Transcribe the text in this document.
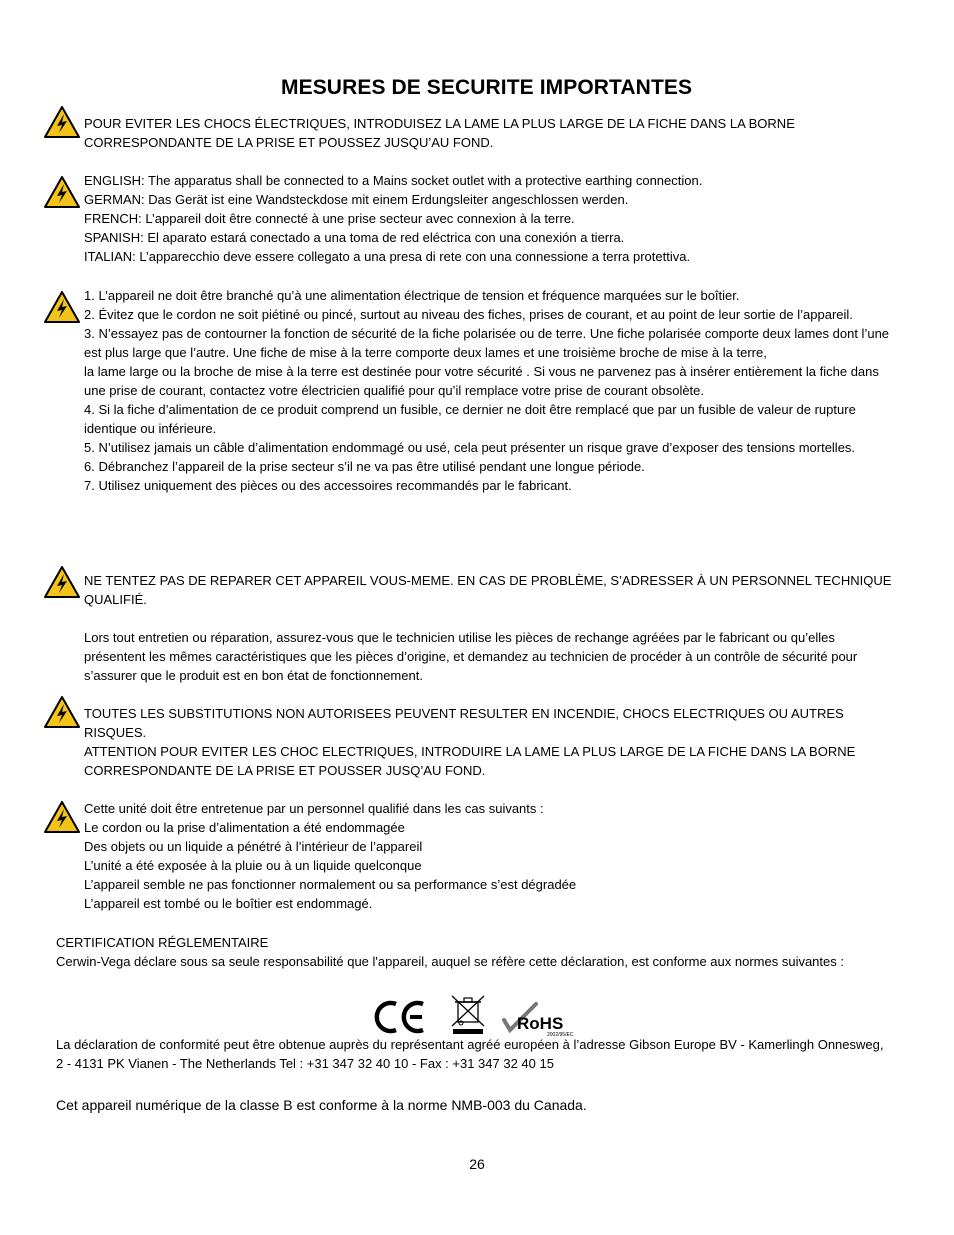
MESURES DE SECURITE IMPORTANTES

POUR EVITER LES CHOCS ÉLECTRIQUES, INTRODUISEZ LA LAME LA PLUS LARGE DE LA FICHE DANS LA BORNE CORRESPONDANTE DE LA PRISE ET POUSSEZ JUSQU’AU FOND.

ENGLISH: The apparatus shall be connected to a Mains socket outlet with a protective earthing connection.

GERMAN: Das Gerät ist eine Wandsteckdose mit einem Erdungsleiter angeschlossen werden.

FRENCH: L’appareil doit être connecté à une prise secteur avec connexion à la terre.

SPANISH: El aparato estará conectado a una toma de red eléctrica con una conexión a tierra.

ITALIAN: L’apparecchio deve essere collegato a una presa di rete con una connessione a terra protettiva.

1. L’appareil ne doit être branché qu’à une alimentation électrique de tension et fréquence marquées sur le boîtier.

2. Évitez que le cordon ne soit piétiné ou pincé, surtout au niveau des fiches, prises de courant, et au point de leur sortie de l’appareil.

3. N’essayez pas de contourner la fonction de sécurité de la fiche polarisée ou de terre. Une fiche polarisée comporte deux lames dont l’une est plus large que l’autre. Une fiche de mise à la terre comporte deux lames et une troisième broche de mise à la terre,

la lame large ou la broche de mise à la terre est destinée pour votre sécurité . Si vous ne parvenez pas à insérer entièrement la fiche dans une prise de courant, contactez votre électricien qualifié pour qu’il remplace votre prise de courant obsolète.

4. Si la fiche d’alimentation de ce produit comprend un fusible, ce dernier ne doit être remplacé que par un fusible de valeur de rupture identique ou inférieure.

5. N’utilisez jamais un câble d’alimentation endommagé ou usé, cela peut présenter un risque grave d’exposer des tensions mortelles.

6. Débranchez l’appareil de la prise secteur s’il ne va pas être utilisé pendant une longue période.

7. Utilisez uniquement des pièces ou des accessoires recommandés par le fabricant.

NE TENTEZ PAS DE REPARER CET APPAREIL VOUS-MEME. EN CAS DE PROBLÈME, S’ADRESSER À UN PERSONNEL TECHNIQUE QUALIFIÉ.

Lors tout entretien ou réparation, assurez-vous que le technicien utilise les pièces de rechange agréées par le fabricant ou qu’elles présentent les mêmes caractéristiques que les pièces d’origine, et demandez au technicien de procéder à un contrôle de sécurité pour s’assurer que le produit est en bon état de fonctionnement.

TOUTES LES SUBSTITUTIONS NON AUTORISEES PEUVENT RESULTER EN INCENDIE, CHOCS ELECTRIQUES OU AUTRES RISQUES.

ATTENTION POUR EVITER LES CHOC ELECTRIQUES, INTRODUIRE LA LAME LA PLUS LARGE DE LA FICHE DANS LA BORNE CORRESPONDANTE DE LA PRISE ET POUSSER JUSQ’AU FOND.

Cette unité doit être entretenue par un personnel qualifié dans les cas suivants :

Le cordon ou la prise d’alimentation a été endommagée

Des objets ou un liquide a pénétré à l’intérieur de l’appareil

L’unité a été exposée à la pluie ou à un liquide quelconque

L’appareil semble ne pas fonctionner normalement ou sa performance s’est dégradée

L’appareil est tombé ou le boîtier est endommagé.

CERTIFICATION RÉGLEMENTAIRE

Cerwin-Vega déclare sous sa seule responsabilité que l'appareil, auquel se réfère cette déclaration, est conforme aux normes suivantes :

RoHS
2002/95/EC

La déclaration de conformité peut être obtenue auprès du représentant agréé européen à l’adresse Gibson Europe BV - Kamerlingh Onnesweg, 2 - 4131 PK Vianen - The Netherlands Tel : +31 347 32 40 10 - Fax : +31 347 32 40 15

Cet appareil numérique de la classe B est conforme à la norme NMB-003 du Canada.
26
